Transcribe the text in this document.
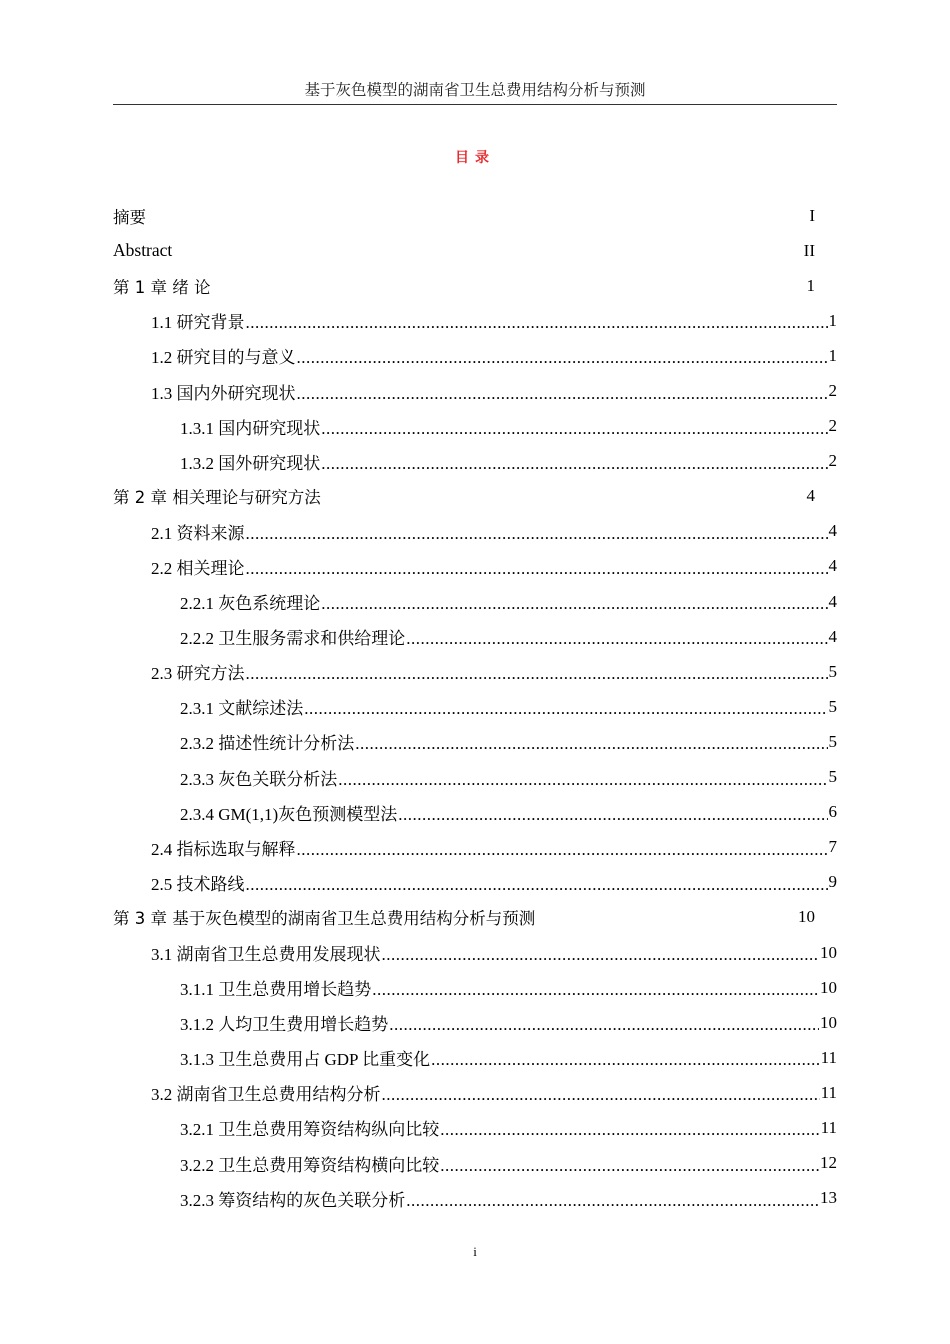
基于灰色模型的湖南省卫生总费用结构分析与预测
目录
摘要	I
Abstract	II
第 1 章 绪 论	1
1.1 研究背景 .....	1
1.2 研究目的与意义 .....	1
1.3 国内外研究现状 .....	2
1.3.1 国内研究现状 .....	2
1.3.2 国外研究现状 .....	2
第 2 章 相关理论与研究方法	4
2.1 资料来源 .....	4
2.2 相关理论 .....	4
2.2.1 灰色系统理论 .....	4
2.2.2 卫生服务需求和供给理论 .....	4
2.3 研究方法 .....	5
2.3.1 文献综述法 .....	5
2.3.2 描述性统计分析法 .....	5
2.3.3 灰色关联分析法 .....	5
2.3.4 GM(1,1)灰色预测模型法 .....	6
2.4 指标选取与解释 .....	7
2.5 技术路线 .....	9
第 3 章 基于灰色模型的湖南省卫生总费用结构分析与预测	10
3.1 湖南省卫生总费用发展现状 .....	10
3.1.1 卫生总费用增长趋势 .....	10
3.1.2 人均卫生费用增长趋势 .....	10
3.1.3 卫生总费用占 GDP 比重变化 .....	11
3.2 湖南省卫生总费用结构分析 .....	11
3.2.1 卫生总费用筹资结构纵向比较 .....	11
3.2.2 卫生总费用筹资结构横向比较 .....	12
3.2.3 筹资结构的灰色关联分析 .....	13
i
